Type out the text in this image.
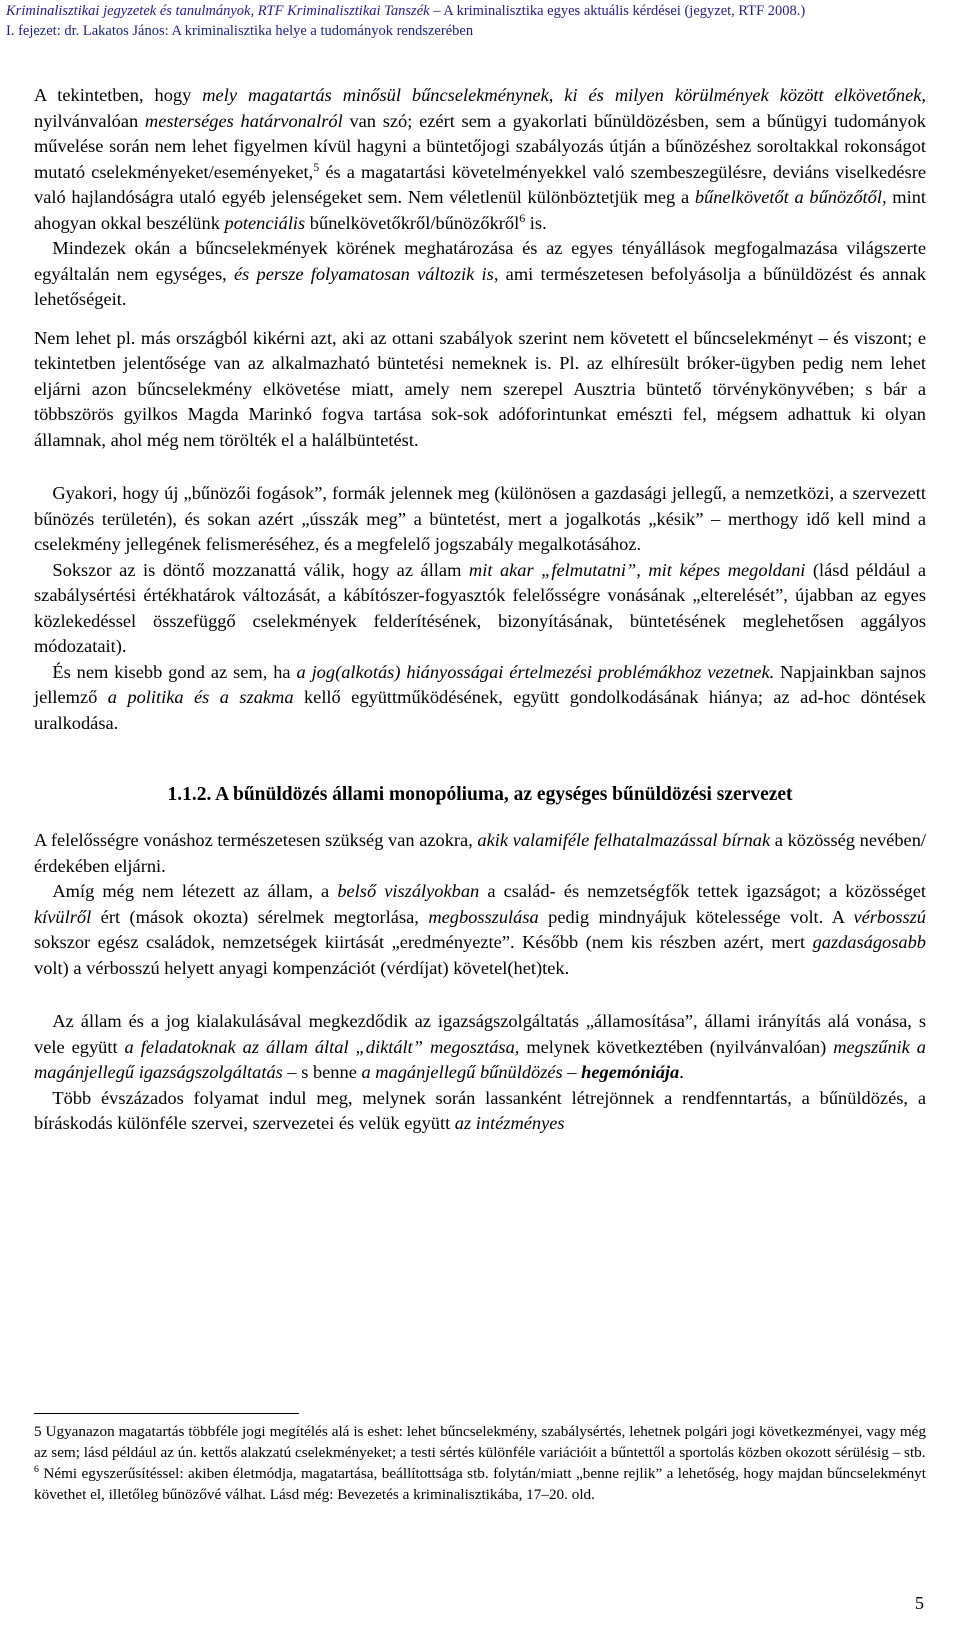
Kriminalisztikai jegyzetek és tanulmányok, RTF Kriminalisztikai Tanszék – A kriminalisztika egyes aktuális kérdései (jegyzet, RTF 2008.)

I. fejezet: dr. Lakatos János: A kriminalisztika helye a tudományok rendszerében

A tekintetben, hogy mely magatartás minősül bűncselekménynek, ki és milyen körülmények között elkövetőnek, nyilvánvalóan mesterséges határvonalról van szó; ezért sem a gyakorlati bűnüldözésben, sem a bűnügyi tudományok művelése során nem lehet figyelmen kívül hagyni a büntetőjogi szabályozás útján a bűnözéshez soroltakkal rokonságot mutató cselekményeket/eseményeket,$^5$ és a magatartási követelményekkel való szembeszegülésre, deviáns viselkedésre való hajlandóságra utaló egyéb jelenségeket sem. Nem véletlenül különböztetjük meg a bűnelkövetőt a bűnözőtől, mint ahogyan okkal beszélünk potenciális bűnelkövetőkről/bűnözőkről$^6$ is.

 Mindezek okán a bűncselekmények körének meghatározása és az egyes tényállások megfogalmazása világszerte egyáltalán nem egységes, és persze folyamatosan változik is, ami természetesen befolyásolja a bűnüldözést és annak lehetőségeit.

Nem lehet pl. más országból kikérni azt, aki az ottani szabályok szerint nem követett el bűncselekményt – és viszont; e tekintetben jelentősége van az alkalmazható büntetési nemeknek is. Pl. az elhíresült bróker-ügyben pedig nem lehet eljárni azon bűncselekmény elkövetése miatt, amely nem szerepel Ausztria büntető törvénykönyvében; s bár a többszörös gyilkos Magda Marinkó fogva tartása sok-sok adóforintunkat emészti fel, mégsem adhattuk ki olyan államnak, ahol még nem törölték el a halálbüntetést.

 Gyakori, hogy új „bűnözői fogások”, formák jelennek meg (különösen a gazdasági jellegű, a nemzetközi, a szervezett bűnözés területén), és sokan azért „ússzák meg” a büntetést, mert a jogalkotás „késik” – merthogy idő kell mind a cselekmény jellegének felismeréséhez, és a megfelelő jogszabály megalkotásához.

 Sokszor az is döntő mozzanattá válik, hogy az állam mit akar „felmutatni”, mit képes megoldani (lásd például a szabálysértési értékhatárok változását, a kábítószer-fogyasztók felelősségre vonásának „elterelését”, újabban az egyes közlekedéssel összefüggő cselekmények felderítésének, bizonyításának, büntetésének meglehetősen aggályos módozatait).

 És nem kisebb gond az sem, ha a jog(alkotás) hiányosságai értelmezési problémákhoz vezetnek. Napjainkban sajnos jellemző a politika és a szakma kellő együttműködésének, együtt gondolkodásának hiánya; az ad-hoc döntések uralkodása.

1.1.2. A bűnüldözés állami monopóliuma, az egységes bűnüldözési szervezet

A felelősségre vonáshoz természetesen szükség van azokra, akik valamiféle felhatalmazással bírnak a közösség nevében/érdekében eljárni.

 Amíg még nem létezett az állam, a belső viszályokban a család- és nemzetségfők tettek igazságot; a közösséget kívülről ért (mások okozta) sérelmek megtorlása, megbosszulása pedig mindnyájuk kötelessége volt. A vérbosszú sokszor egész családok, nemzetségek kiirtását „eredményezte”. Később (nem kis részben azért, mert gazdaságosabb volt) a vérbosszú helyett anyagi kompenzációt (vérdíjat) követel(het)tek.

 Az állam és a jog kialakulásával megkezdődik az igazságszolgáltatás „államosítása”, állami irányítás alá vonása, s vele együtt a feladatoknak az állam által „diktált” megosztása, melynek következtében (nyilvánvalóan) megszűnik a magánjellegű igazságszolgáltatás – s benne a magánjellegű bűnüldözés – hegemóniája.

 Több évszázados folyamat indul meg, melynek során lassanként létrejönnek a rendfenntartás, a bűnüldözés, a bíráskodás különféle szervei, szervezetei és velük együtt az intézményes

5 Ugyanazon magatartás többféle jogi megítélés alá is eshet: lehet bűncselekmény, szabálysértés, lehetnek polgári jogi következményei, vagy még az sem; lásd például az ún. kettős alakzatú cselekményeket; a testi sértés különféle variációit a bűntettől a sportolás közben okozott sérülésig – stb.

$^6$ Némi egyszerűsítéssel: akiben életmódja, magatartása, beállítottsága stb. folytán/miatt „benne rejlik” a lehetőség, hogy majdan bűncselekményt követhet el, illetőleg bűnözővé válhat. Lásd még: Bevezetés a kriminalisztikába, 17–20. old.

5
